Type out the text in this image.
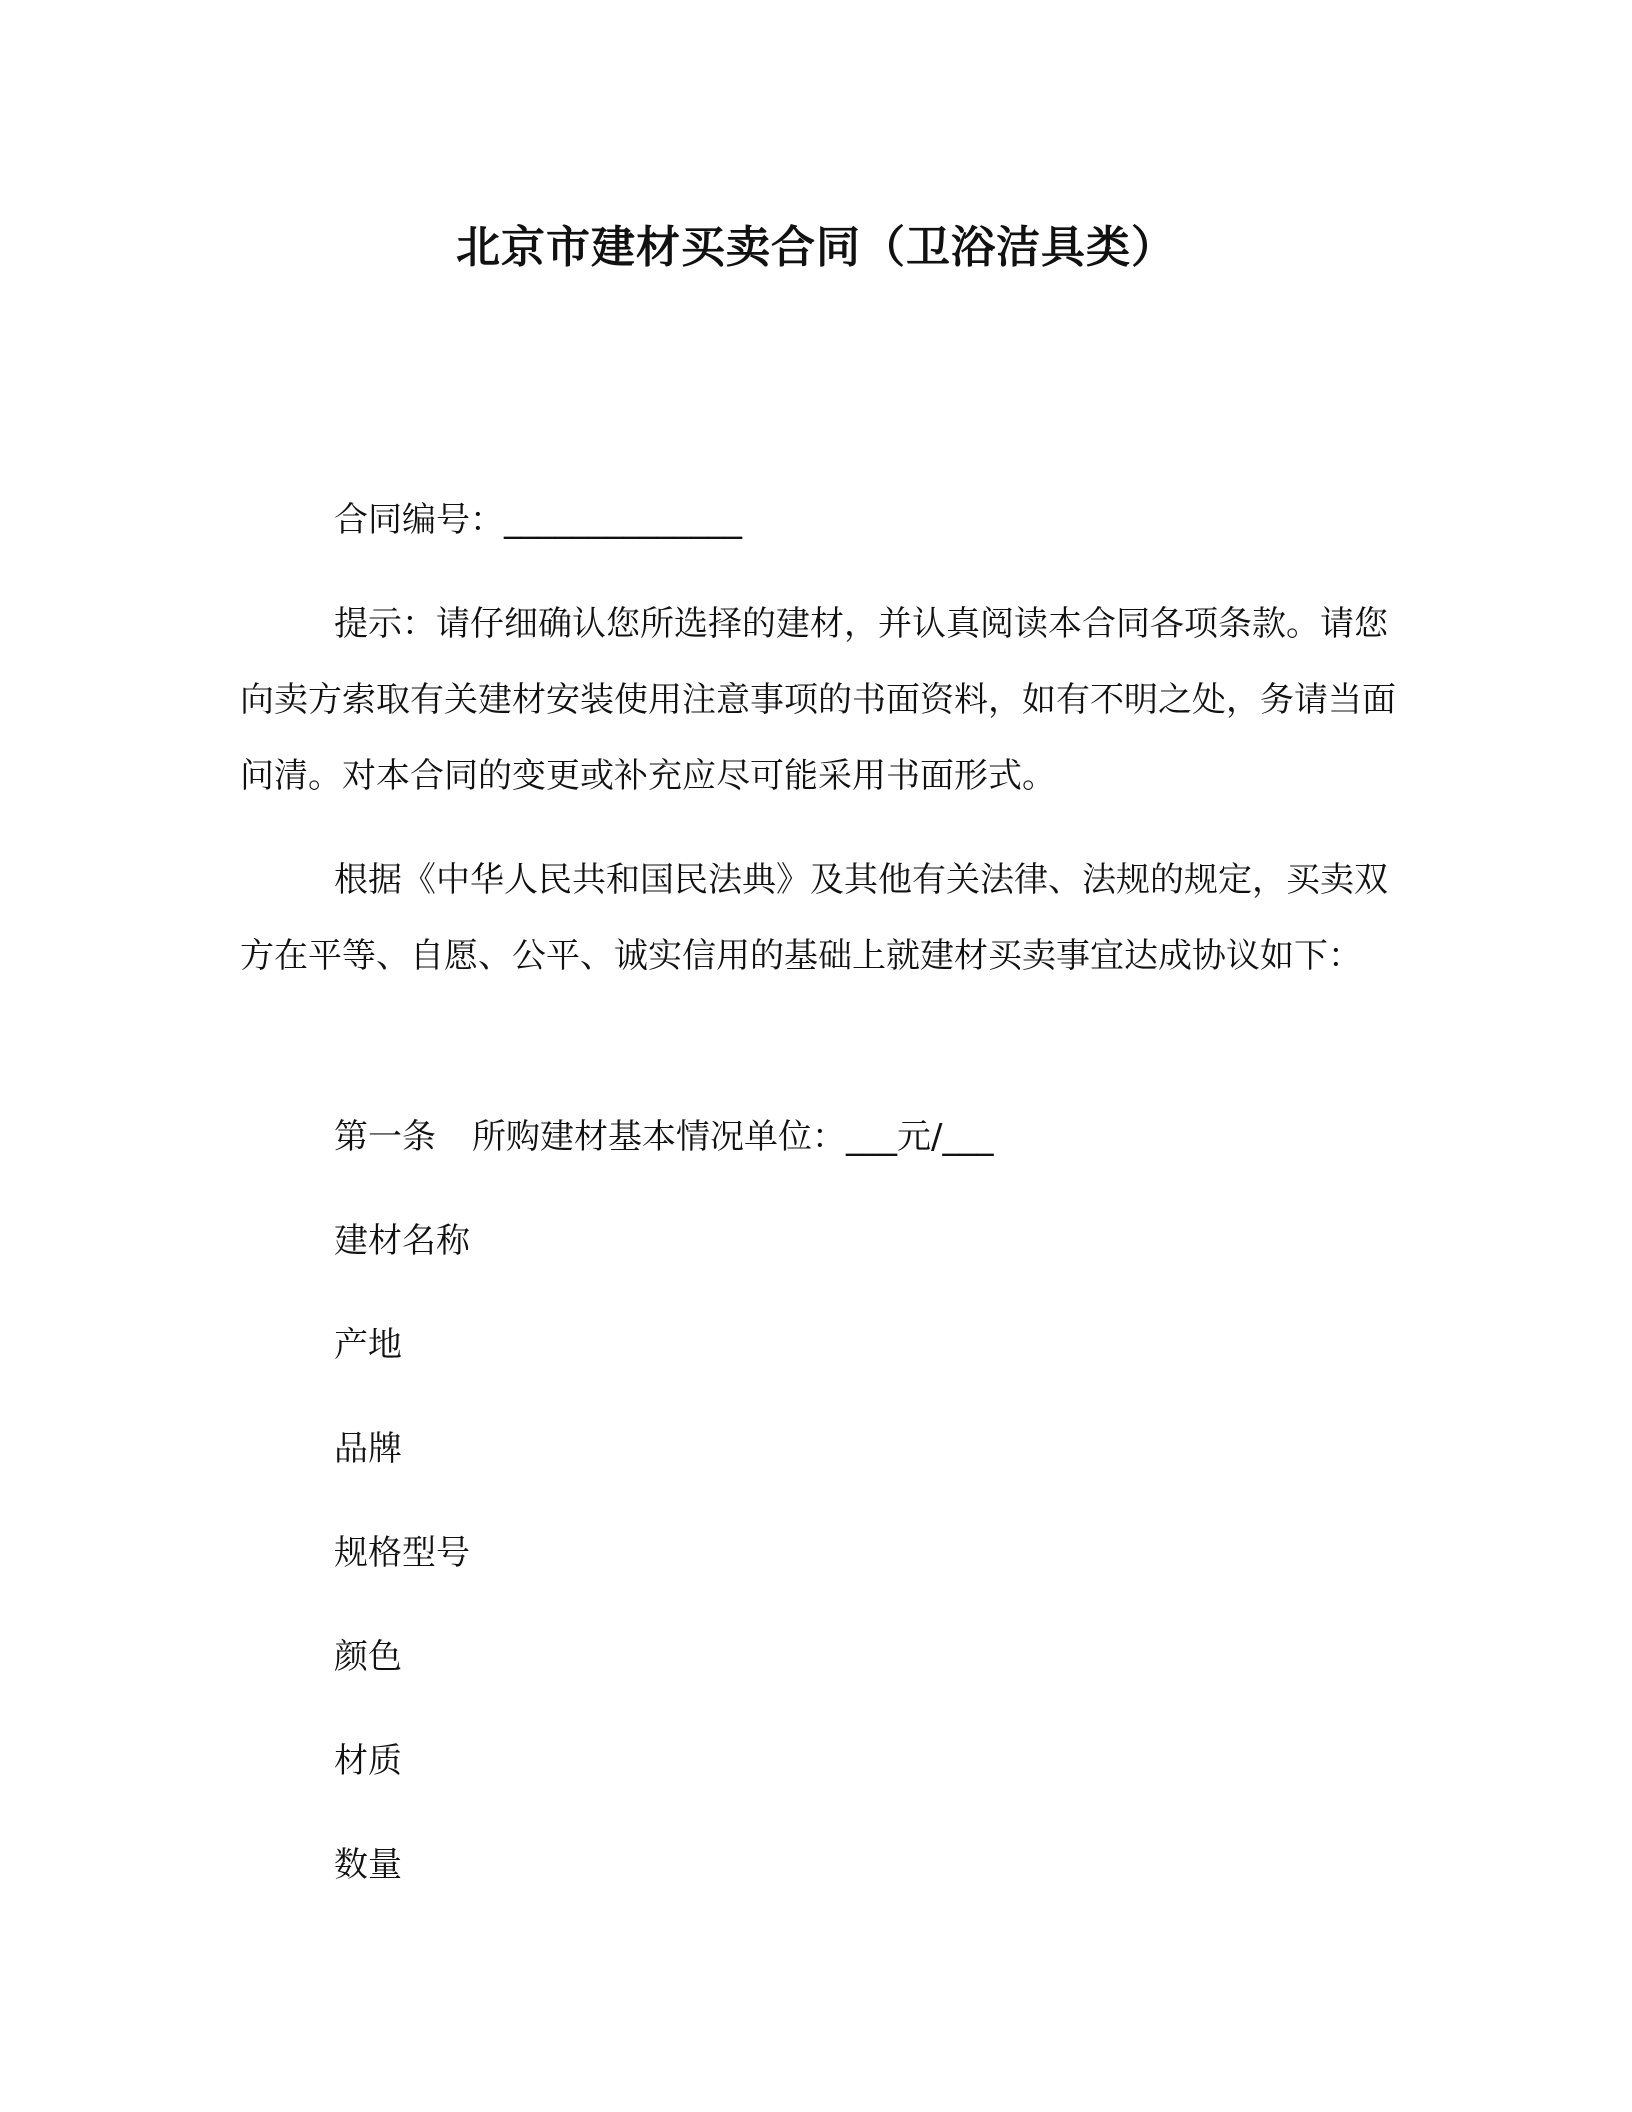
北京市建材买卖合同（卫浴洁具类）

合同编号：______________

提示：请仔细确认您所选择的建材，并认真阅读本合同各项条款。请您向卖方索取有关建材安装使用注意事项的书面资料，如有不明之处，务请当面问清。对本合同的变更或补充应尽可能采用书面形式。

根据《中华人民共和国民法典》及其他有关法律、法规的规定，买卖双方在平等、自愿、公平、诚实信用的基础上就建材买卖事宜达成协议如下：

第一条 所购建材基本情况单位：___元/___
建材名称
产地
品牌
规格型号
颜色
材质
数量
